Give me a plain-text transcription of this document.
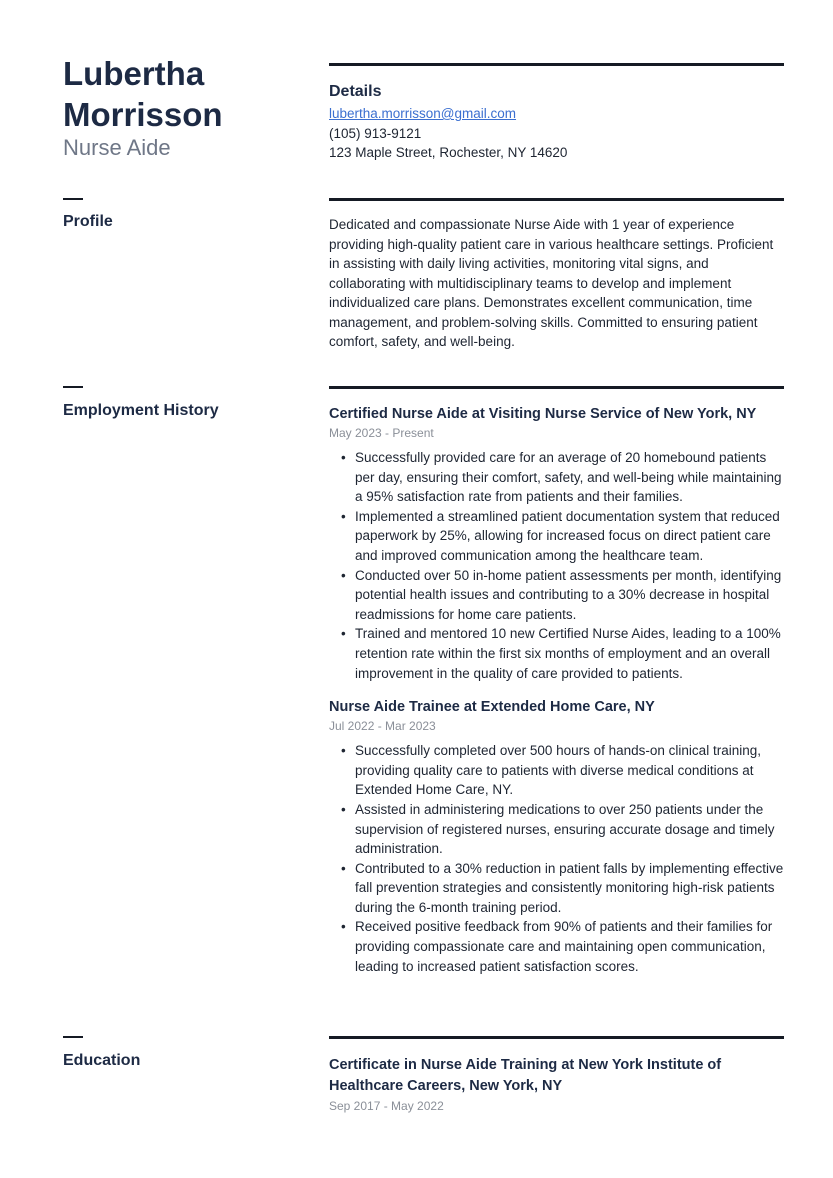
Lubertha
Morrisson
Nurse Aide
Details
lubertha.morrisson@gmail.com
(105) 913-9121
123 Maple Street, Rochester, NY 14620
Profile	Dedicated and compassionate Nurse Aide with 1 year of experience providing high-quality patient care in various healthcare settings. Proficient in assisting with daily living activities, monitoring vital signs, and collaborating with multidisciplinary teams to develop and implement individualized care plans. Demonstrates excellent communication, time management, and problem-solving skills. Committed to ensuring patient comfort, safety, and well-being.
Employment History	Certified Nurse Aide at Visiting Nurse Service of New York, NY
May 2023 - Present
• Successfully provided care for an average of 20 homebound patients per day, ensuring their comfort, safety, and well-being while maintaining a 95% satisfaction rate from patients and their families.
• Implemented a streamlined patient documentation system that reduced paperwork by 25%, allowing for increased focus on direct patient care and improved communication among the healthcare team.
• Conducted over 50 in-home patient assessments per month, identifying potential health issues and contributing to a 30% decrease in hospital readmissions for home care patients.
• Trained and mentored 10 new Certified Nurse Aides, leading to a 100% retention rate within the first six months of employment and an overall improvement in the quality of care provided to patients.
Nurse Aide Trainee at Extended Home Care, NY
Jul 2022 - Mar 2023
• Successfully completed over 500 hours of hands-on clinical training, providing quality care to patients with diverse medical conditions at Extended Home Care, NY.
• Assisted in administering medications to over 250 patients under the supervision of registered nurses, ensuring accurate dosage and timely administration.
• Contributed to a 30% reduction in patient falls by implementing effective fall prevention strategies and consistently monitoring high-risk patients during the 6-month training period.
• Received positive feedback from 90% of patients and their families for providing compassionate care and maintaining open communication, leading to increased patient satisfaction scores.
Education	Certificate in Nurse Aide Training at New York Institute of Healthcare Careers, New York, NY
Sep 2017 - May 2022
